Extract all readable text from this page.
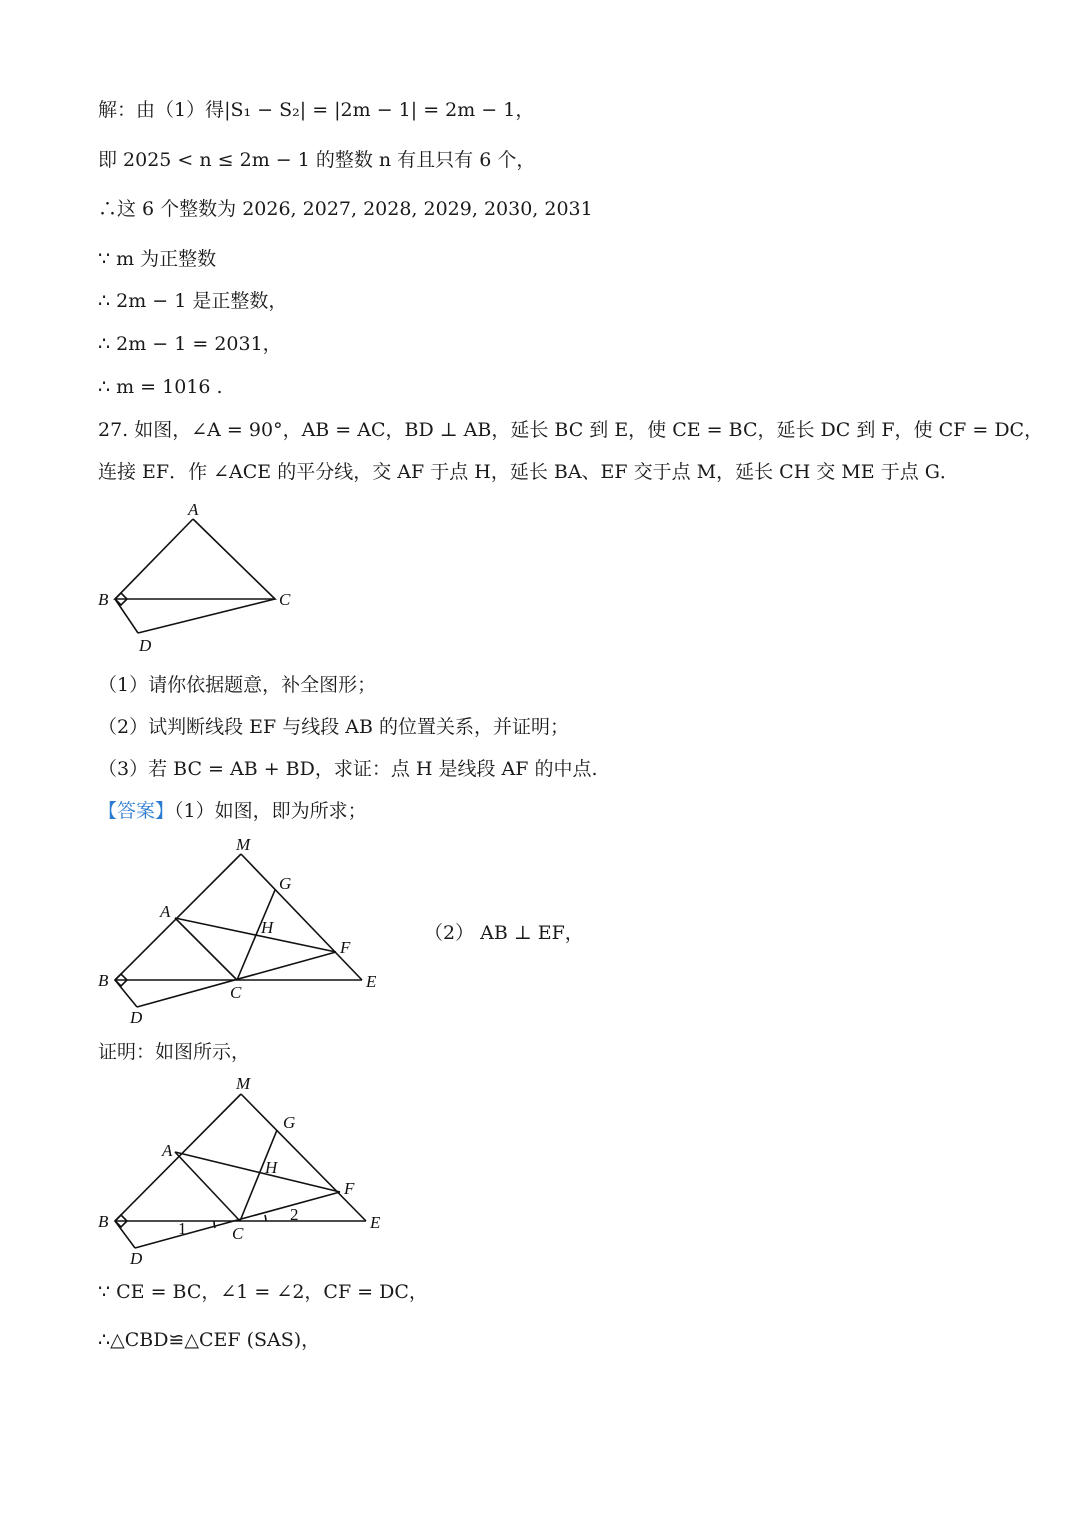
解：由（1）得|S₁ − S₂| = |2m − 1| = 2m − 1，
即 2025 < n ≤ 2m − 1 的整数 n 有且只有 6 个，
∴这 6 个整数为 2026, 2027, 2028, 2029, 2030, 2031
∵ m 为正整数
∴ 2m − 1 是正整数，
∴ 2m − 1 = 2031，
∴ m = 1016 .
27. 如图，∠A = 90°，AB = AC，BD ⊥ AB，延长 BC 到 E，使 CE = BC，延长 DC 到 F，使 CF = DC，
连接 EF．作 ∠ACE 的平分线，交 AF 于点 H，延长 BA、EF 交于点 M，延长 CH 交 ME 于点 G．
A
B	C
D
（1）请你依据题意，补全图形；
（2）试判断线段 EF 与线段 AB 的位置关系，并证明；
（3）若 BC = AB + BD，求证：点 H 是线段 AF 的中点.
【答案】（1）如图，即为所求；
M
G
A
H
F
B
C
E
D
（2） AB ⊥ EF，
证明：如图所示，
M
G
A
H
F
B
C
E
D
1
2
∵ CE = BC，∠1 = ∠2，CF = DC，
∴△CBD≌△CEF (SAS)，
